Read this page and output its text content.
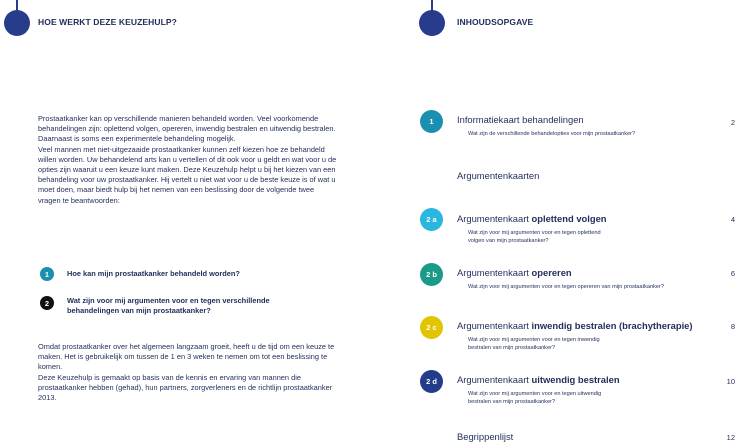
HOE WERKT DEZE KEUZEHULP?

Prostaatkanker kan op verschillende manieren behandeld worden. Veel voorkomende behandelingen zijn: oplettend volgen, opereren, inwendig bestralen en uitwendig bestralen. Daarnaast is soms een experimentele behandeling mogelijk.

Veel mannen met niet-uitgezaaide prostaatkanker kunnen zelf kiezen hoe ze behandeld willen worden. Uw behandelend arts kan u vertellen of dit ook voor u geldt en wat voor u de opties zijn waaruit u een keuze kunt maken. Deze Keuzehulp helpt u bij het kiezen van een behandeling voor uw prostaatkanker. Hij vertelt u niet wat voor u de beste keuze is of wat u moet doen, maar biedt hulp bij het nemen van een beslissing door de volgende twee vragen te beantwoorden:

1	Hoe kan mijn prostaatkanker behandeld worden?
2	Wat zijn voor mij argumenten voor en tegen verschillende behandelingen van mijn prostaatkanker?

Omdat prostaatkanker over het algemeen langzaam groeit, heeft u de tijd om een keuze te maken. Het is gebruikelijk om tussen de 1 en 3 weken te nemen om tot een beslissing te komen.

Deze Keuzehulp is gemaakt op basis van de kennis en ervaring van mannen die prostaatkanker hebben (gehad), hun partners, zorgverleners en de richtlijn prostaatkanker 2013.

INHOUDSOPGAVE
1	Informatiekaart behandelingen
Wat zijn de verschillende behandelopties voor mijn prostaatkanker?
2
Argumentenkaarten
2 a	Argumentenkaart oplettend volgen
Wat zijn voor mij argumenten voor en tegen oplettend volgen van mijn prostaatkanker?
4
2 b	Argumentenkaart opereren
Wat zijn voor mij argumenten voor en tegen opereren van mijn prostaatkanker?
6
2 c	Argumentenkaart inwendig bestralen (brachytherapie)
Wat zijn voor mij argumenten voor en tegen inwendig bestralen van mijn prostaatkanker?
8
2 d	Argumentenkaart uitwendig bestralen
Wat zijn voor mij argumenten voor en tegen uitwendig bestralen van mijn prostaatkanker?
10
Begrippenlijst	12
